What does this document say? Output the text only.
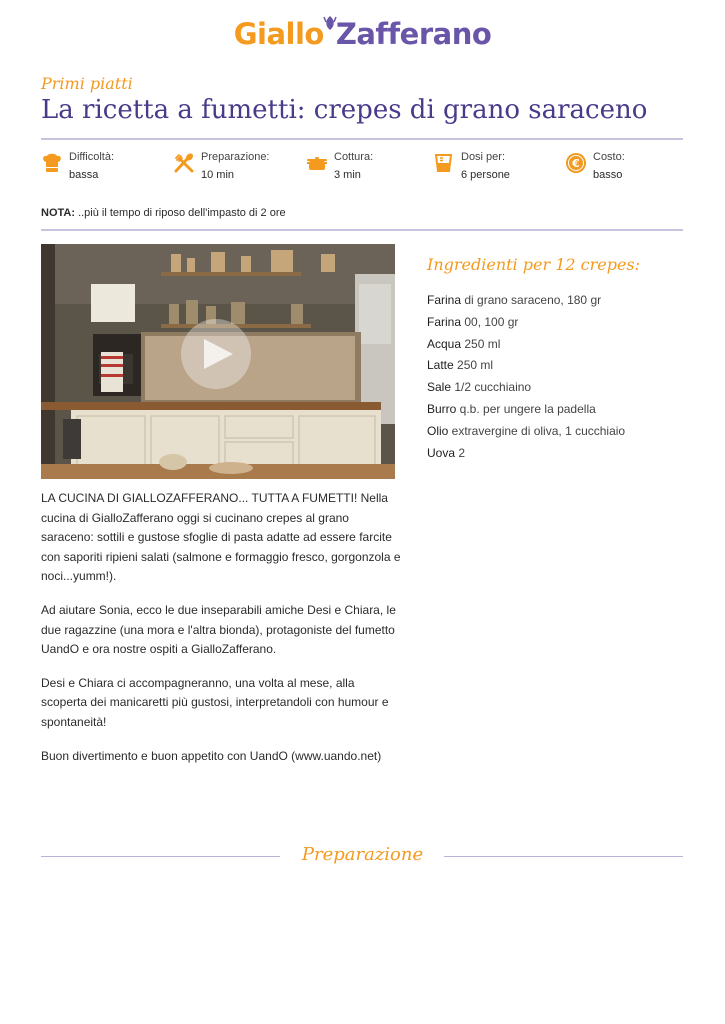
Giallo Zafferano
Primi piatti
La ricetta a fumetti: crepes di grano saraceno
Difficoltà:
bassa
Preparazione:
10 min
Cottura:
3 min
Dosi per:
6 persone
€ Costo:
basso
NOTA: ..più il tempo di riposo dell'impasto di 2 ore
Ingredienti per 12 crepes:
Farina di grano saraceno, 180 gr
Farina 00, 100 gr
Acqua 250 ml
Latte 250 ml
Sale 1/2 cucchiaino
Burro q.b. per ungere la padella
Olio extravergine di oliva, 1 cucchiaio
Uova 2

LA CUCINA DI GIALLOZAFFERANO... TUTTA A FUMETTI! Nella cucina di GialloZafferano oggi si cucinano crepes al grano saraceno: sottili e gustose sfoglie di pasta adatte ad essere farcite con saporiti ripieni salati (salmone e formaggio fresco, gorgonzola e noci...yumm!).

Ad aiutare Sonia, ecco le due inseparabili amiche Desi e Chiara, le due ragazzine (una mora e l'altra bionda), protagoniste del fumetto UandO e ora nostre ospiti a GialloZafferano.

Desi e Chiara ci accompagneranno, una volta al mese, alla scoperta dei manicaretti più gustosi, interpretandoli con humour e spontaneità!

Buon divertimento e buon appetito con UandO (www.uando.net)

Preparazione
